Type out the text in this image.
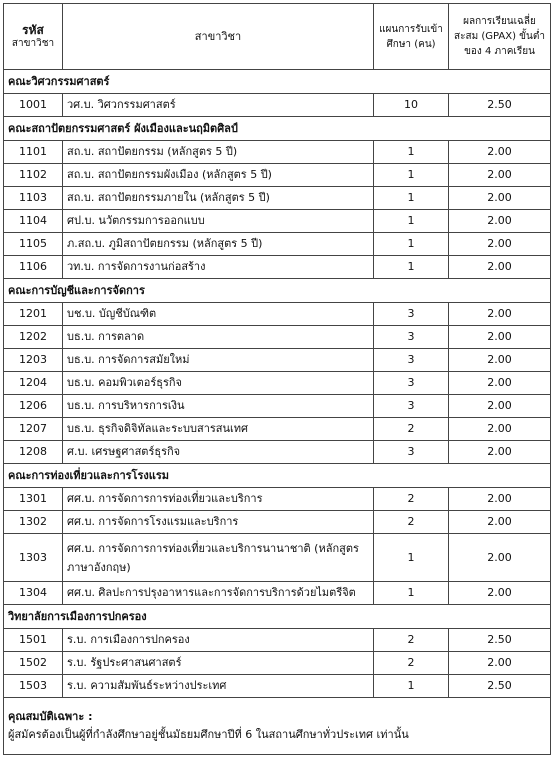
รหัส
สาขาวิชา	สาขาวิชา	แผนการรับเข้าศึกษา (คน)	ผลการเรียนเฉลี่ยสะสม (GPAX) ขั้นต่ำ ของ 4 ภาคเรียน
คณะวิศวกรรมศาสตร์			
1001	วศ.บ. วิศวกรรมศาสตร์	10	2.50
คณะสถาปัตยกรรมศาสตร์ ผังเมืองและนฤมิตศิลป์			
1101	สถ.บ. สถาปัตยกรรม (หลักสูตร 5 ปี)	1	2.00
1102	สถ.บ. สถาปัตยกรรมผังเมือง (หลักสูตร 5 ปี)	1	2.00
1103	สถ.บ. สถาปัตยกรรมภายใน (หลักสูตร 5 ปี)	1	2.00
1104	ศป.บ. นวัตกรรมการออกแบบ	1	2.00
1105	ภ.สถ.บ. ภูมิสถาปัตยกรรม (หลักสูตร 5 ปี)	1	2.00
1106	วท.บ. การจัดการงานก่อสร้าง	1	2.00
คณะการบัญชีและการจัดการ			
1201	บช.บ. บัญชีบัณฑิต	3	2.00
1202	บธ.บ. การตลาด	3	2.00
1203	บธ.บ. การจัดการสมัยใหม่	3	2.00
1204	บธ.บ. คอมพิวเตอร์ธุรกิจ	3	2.00
1206	บธ.บ. การบริหารการเงิน	3	2.00
1207	บธ.บ. ธุรกิจดิจิทัลและระบบสารสนเทศ	2	2.00
1208	ศ.บ. เศรษฐศาสตร์ธุรกิจ	3	2.00
คณะการท่องเที่ยวและการโรงแรม			
1301	ศศ.บ. การจัดการการท่องเที่ยวและบริการ	2	2.00
1302	ศศ.บ. การจัดการโรงแรมและบริการ	2	2.00
1303	ศศ.บ. การจัดการการท่องเที่ยวและบริการนานาชาติ (หลักสูตรภาษาอังกฤษ)	1	2.00
1304	ศศ.บ. ศิลปะการปรุงอาหารและการจัดการบริการด้วยไมตรีจิต	1	2.00
วิทยาลัยการเมืองการปกครอง			
1501	ร.บ. การเมืองการปกครอง	2	2.50
1502	ร.บ. รัฐประศาสนศาสตร์	2	2.00
1503	ร.บ. ความสัมพันธ์ระหว่างประเทศ	1	2.50

คุณสมบัติเฉพาะ :
ผู้สมัครต้องเป็นผู้ที่กำลังศึกษาอยู่ชั้นมัธยมศึกษาปีที่ 6 ในสถานศึกษาทั่วประเทศ เท่านั้น			
